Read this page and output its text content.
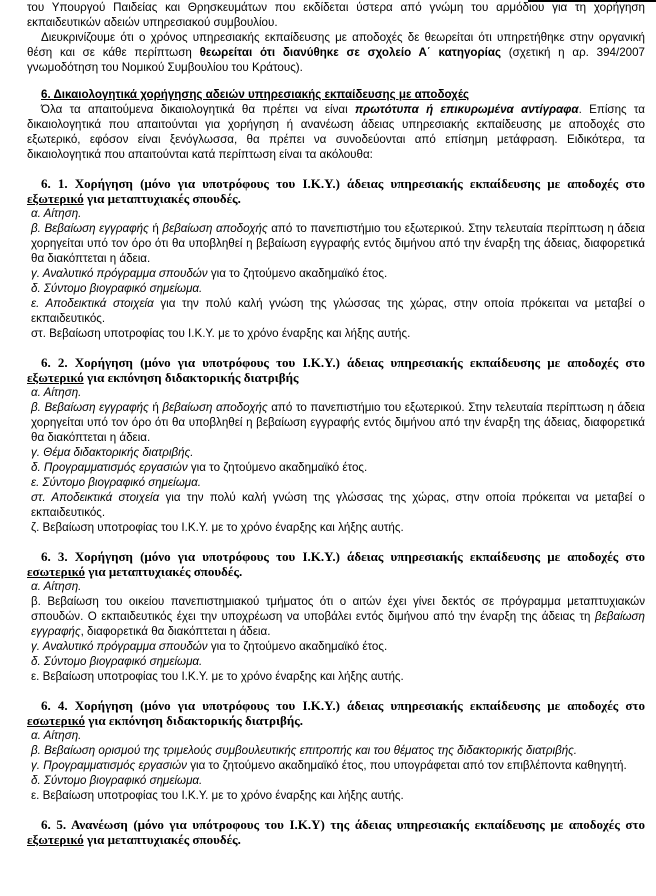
του Υπουργού Παιδείας και Θρησκευμάτων που εκδίδεται ύστερα από γνώμη του αρμόδιου για τη χορήγηση εκπαιδευτικών αδειών υπηρεσιακού συμβουλίου.

Διευκρινίζουμε ότι ο χρόνος υπηρεσιακής εκπαίδευσης με αποδοχές δε θεωρείται ότι υπηρετήθηκε στην οργανική θέση και σε κάθε περίπτωση θεωρείται ότι διανύθηκε σε σχολείο Α΄ κατηγορίας (σχετική η αρ. 394/2007 γνωμοδότηση του Νομικού Συμβουλίου του Κράτους).

6. Δικαιολογητικά χορήγησης αδειών υπηρεσιακής εκπαίδευσης με αποδοχές

Όλα τα απαιτούμενα δικαιολογητικά θα πρέπει να είναι πρωτότυπα ή επικυρωμένα αντίγραφα. Επίσης τα δικαιολογητικά που απαιτούνται για χορήγηση ή ανανέωση άδειας υπηρεσιακής εκπαίδευσης με αποδοχές στο εξωτερικό, εφόσον είναι ξενόγλωσσα, θα πρέπει να συνοδεύονται από επίσημη μετάφραση. Ειδικότερα, τα δικαιολογητικά που απαιτούνται κατά περίπτωση είναι τα ακόλουθα:

6. 1. Χορήγηση (μόνο για υποτρόφους του Ι.Κ.Υ.) άδειας υπηρεσιακής εκπαίδευσης με αποδοχές στο εξωτερικό για μεταπτυχιακές σπουδές.

α. Αίτηση.

β. Βεβαίωση εγγραφής ή βεβαίωση αποδοχής από το πανεπιστήμιο του εξωτερικού. Στην τελευταία περίπτωση η άδεια χορηγείται υπό τον όρο ότι θα υποβληθεί η βεβαίωση εγγραφής εντός διμήνου από την έναρξη της άδειας, διαφορετικά θα διακόπτεται η άδεια.

γ. Αναλυτικό πρόγραμμα σπουδών για το ζητούμενο ακαδημαϊκό έτος.

δ. Σύντομο βιογραφικό σημείωμα.

ε. Αποδεικτικά στοιχεία για την πολύ καλή γνώση της γλώσσας της χώρας, στην οποία πρόκειται να μεταβεί ο εκπαιδευτικός.

στ. Βεβαίωση υποτροφίας του Ι.Κ.Υ. με το χρόνο έναρξης και λήξης αυτής.

6. 2. Χορήγηση (μόνο για υποτρόφους του Ι.Κ.Υ.) άδειας υπηρεσιακής εκπαίδευσης με αποδοχές στο εξωτερικό για εκπόνηση διδακτορικής διατριβής

α. Αίτηση.

β. Βεβαίωση εγγραφής ή βεβαίωση αποδοχής από το πανεπιστήμιο του εξωτερικού. Στην τελευταία περίπτωση η άδεια χορηγείται υπό τον όρο ότι θα υποβληθεί η βεβαίωση εγγραφής εντός διμήνου από την έναρξη της άδειας, διαφορετικά θα διακόπτεται η άδεια.

γ. Θέμα διδακτορικής διατριβής.

δ. Προγραμματισμός εργασιών για το ζητούμενο ακαδημαϊκό έτος.

ε. Σύντομο βιογραφικό σημείωμα.

στ. Αποδεικτικά στοιχεία για την πολύ καλή γνώση της γλώσσας της χώρας, στην οποία πρόκειται να μεταβεί ο εκπαιδευτικός.

ζ. Βεβαίωση υποτροφίας του Ι.Κ.Υ. με το χρόνο έναρξης και λήξης αυτής.

6. 3. Χορήγηση (μόνο για υποτρόφους του Ι.Κ.Υ.) άδειας υπηρεσιακής εκπαίδευσης με αποδοχές στο εσωτερικό για μεταπτυχιακές σπουδές.

α. Αίτηση.

β. Βεβαίωση του οικείου πανεπιστημιακού τμήματος ότι ο αιτών έχει γίνει δεκτός σε πρόγραμμα μεταπτυχιακών σπουδών. Ο εκπαιδευτικός έχει την υποχρέωση να υποβάλει εντός διμήνου από την έναρξη της άδειας τη βεβαίωση εγγραφής, διαφορετικά θα διακόπτεται η άδεια.

γ. Αναλυτικό πρόγραμμα σπουδών για το ζητούμενο ακαδημαϊκό έτος.

δ. Σύντομο βιογραφικό σημείωμα.

ε. Βεβαίωση υποτροφίας του Ι.Κ.Υ. με το χρόνο έναρξης και λήξης αυτής.

6. 4. Χορήγηση (μόνο για υποτρόφους του Ι.Κ.Υ.) άδειας υπηρεσιακής εκπαίδευσης με αποδοχές στο εσωτερικό για εκπόνηση διδακτορικής διατριβής.

α. Αίτηση.

β. Βεβαίωση ορισμού της τριμελούς συμβουλευτικής επιτροπής και του θέματος της διδακτορικής διατριβής.

γ. Προγραμματισμός εργασιών για το ζητούμενο ακαδημαϊκό έτος, που υπογράφεται από τον επιβλέποντα καθηγητή.

δ. Σύντομο βιογραφικό σημείωμα.

ε. Βεβαίωση υποτροφίας του Ι.Κ.Υ. με το χρόνο έναρξης και λήξης αυτής.

6. 5. Ανανέωση (μόνο για υπότροφους του Ι.Κ.Υ) της άδειας υπηρεσιακής εκπαίδευσης με αποδοχές στο εξωτερικό για μεταπτυχιακές σπουδές.
